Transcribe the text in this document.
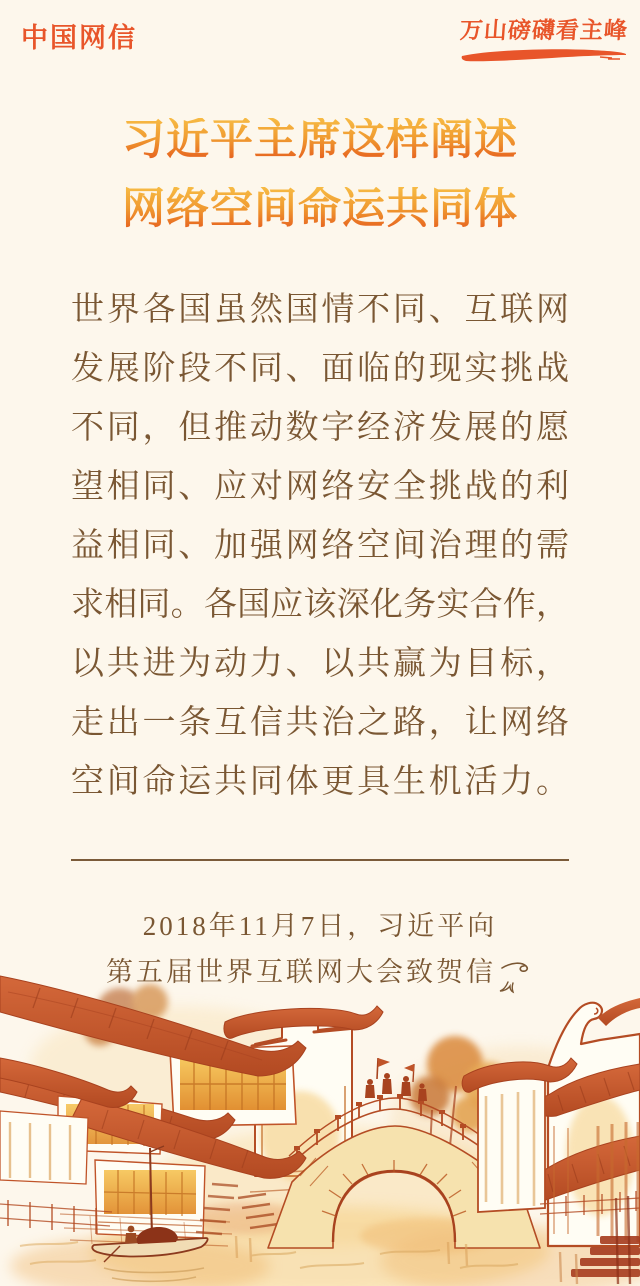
中国网信	万山磅礴看主峰
习近平主席这样阐述
网络空间命运共同体
世界各国虽然国情不同、互联网
发展阶段不同、面临的现实挑战
不同，但推动数字经济发展的愿
望相同、应对网络安全挑战的利
益相同、加强网络空间治理的需
求相同。各国应该深化务实合作，
以共进为动力、以共赢为目标，
走出一条互信共治之路，让网络
空间命运共同体更具生机活力。
2018年11月7日，习近平向
第五届世界互联网大会致贺信
